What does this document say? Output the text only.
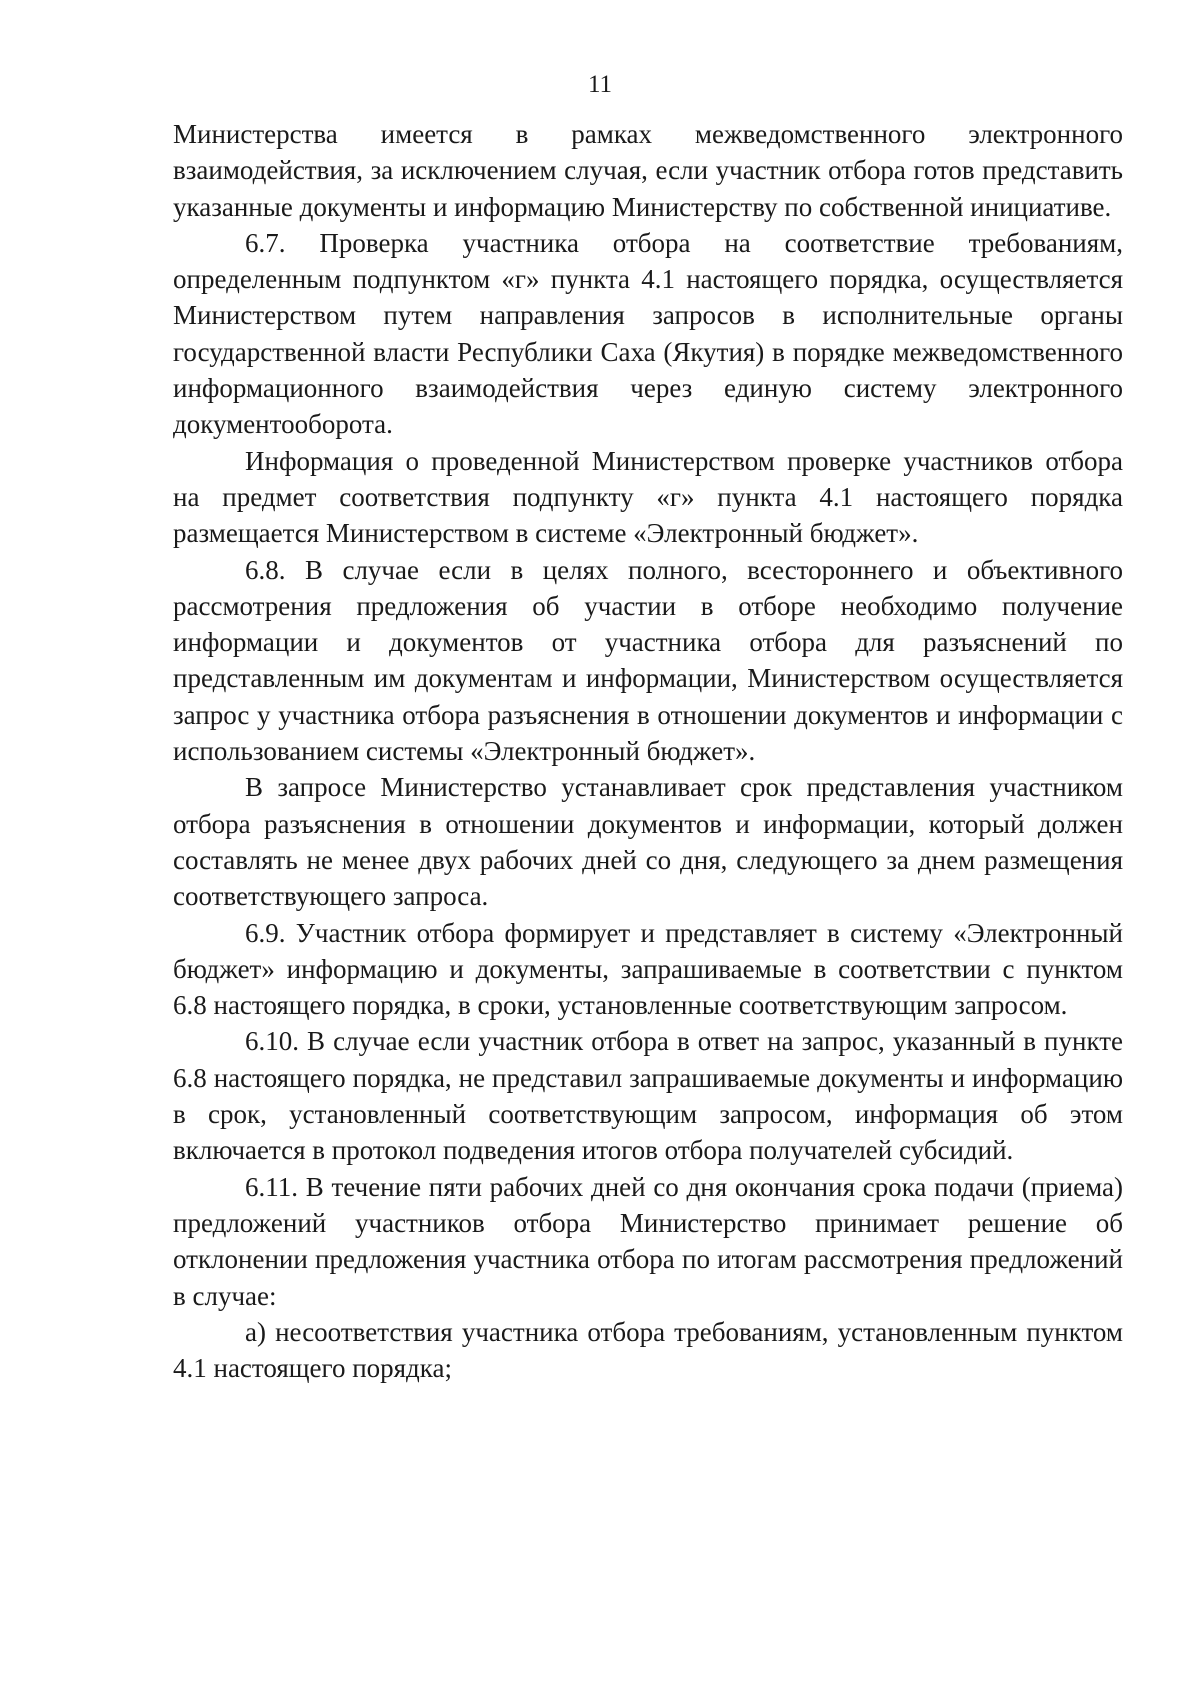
11

Министерства имеется в рамках межведомственного электронного взаимодействия, за исключением случая, если участник отбора готов представить указанные документы и информацию Министерству по собственной инициативе.

6.7. Проверка участника отбора на соответствие требованиям, определенным подпунктом «г» пункта 4.1 настоящего порядка, осуществляется Министерством путем направления запросов в исполнительные органы государственной власти Республики Саха (Якутия) в порядке межведомственного информационного взаимодействия через единую систему электронного документооборота.

Информация о проведенной Министерством проверке участников отбора на предмет соответствия подпункту «г» пункта 4.1 настоящего порядка размещается Министерством в системе «Электронный бюджет».

6.8. В случае если в целях полного, всестороннего и объективного рассмотрения предложения об участии в отборе необходимо получение информации и документов от участника отбора для разъяснений по представленным им документам и информации, Министерством осуществляется запрос у участника отбора разъяснения в отношении документов и информации с использованием системы «Электронный бюджет».

В запросе Министерство устанавливает срок представления участником отбора разъяснения в отношении документов и информации, который должен составлять не менее двух рабочих дней со дня, следующего за днем размещения соответствующего запроса.

6.9. Участник отбора формирует и представляет в систему «Электронный бюджет» информацию и документы, запрашиваемые в соответствии с пунктом 6.8 настоящего порядка, в сроки, установленные соответствующим запросом.

6.10. В случае если участник отбора в ответ на запрос, указанный в пункте 6.8 настоящего порядка, не представил запрашиваемые документы и информацию в срок, установленный соответствующим запросом, информация об этом включается в протокол подведения итогов отбора получателей субсидий.

6.11. В течение пяти рабочих дней со дня окончания срока подачи (приема) предложений участников отбора Министерство принимает решение об отклонении предложения участника отбора по итогам рассмотрения предложений в случае:

а) несоответствия участника отбора требованиям, установленным пунктом 4.1 настоящего порядка;
